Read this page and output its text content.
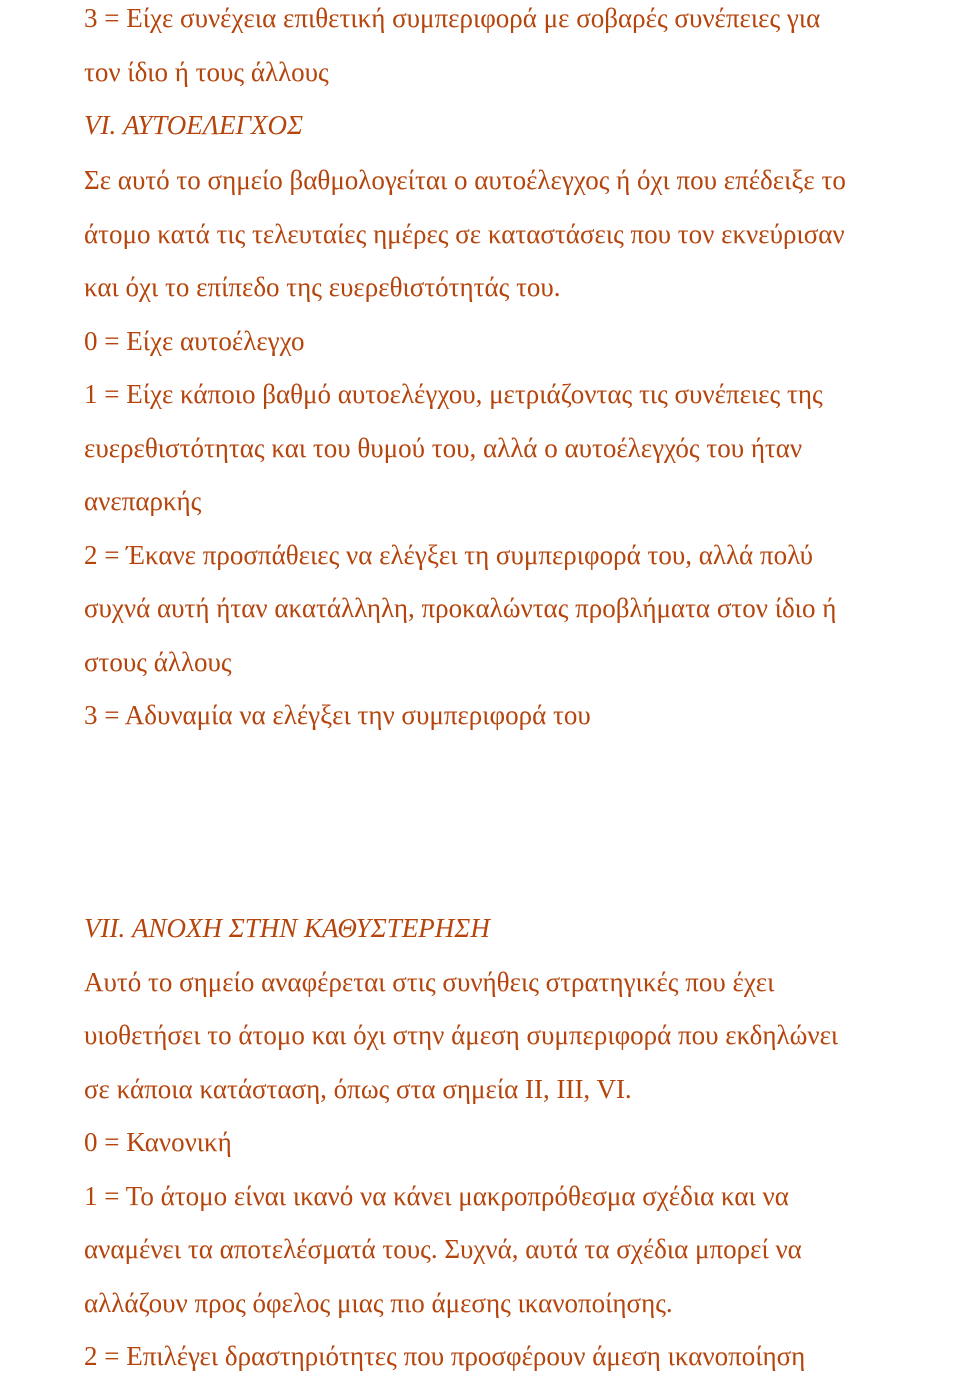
3 = Είχε συνέχεια επιθετική συμπεριφορά με σοβαρές συνέπειες για
τον ίδιο ή τους άλλους
VI. ΑΥΤΟΕΛΕΓΧΟΣ
Σε αυτό το σημείο βαθμολογείται ο αυτοέλεγχος ή όχι που επέδειξε το
άτομο κατά τις τελευταίες ημέρες σε καταστάσεις που τον εκνεύρισαν
και όχι το επίπεδο της ευερεθιστότητάς του.
0 = Είχε αυτοέλεγχο
1 = Είχε κάποιο βαθμό αυτοελέγχου, μετριάζοντας τις συνέπειες της
ευερεθιστότητας και του θυμού του, αλλά ο αυτοέλεγχός του ήταν
ανεπαρκής
2 = Έκανε προσπάθειες να ελέγξει τη συμπεριφορά του, αλλά πολύ
συχνά αυτή ήταν ακατάλληλη, προκαλώντας προβλήματα στον ίδιο ή
στους άλλους
3 = Αδυναμία να ελέγξει την συμπεριφορά του
VII. ΑΝΟΧΗ ΣΤΗΝ ΚΑΘΥΣΤΕΡΗΣΗ
Αυτό το σημείο αναφέρεται στις συνήθεις στρατηγικές που έχει
υιοθετήσει το άτομο και όχι στην άμεση συμπεριφορά που εκδηλώνει
σε κάποια κατάσταση, όπως στα σημεία II, III, VI.
0 = Κανονική
1 = Το άτομο είναι ικανό να κάνει μακροπρόθεσμα σχέδια και να
αναμένει τα αποτελέσματά τους. Συχνά, αυτά τα σχέδια μπορεί να
αλλάζουν προς όφελος μιας πιο άμεσης ικανοποίησης.
2 = Επιλέγει δραστηριότητες που προσφέρουν άμεση ικανοποίηση
